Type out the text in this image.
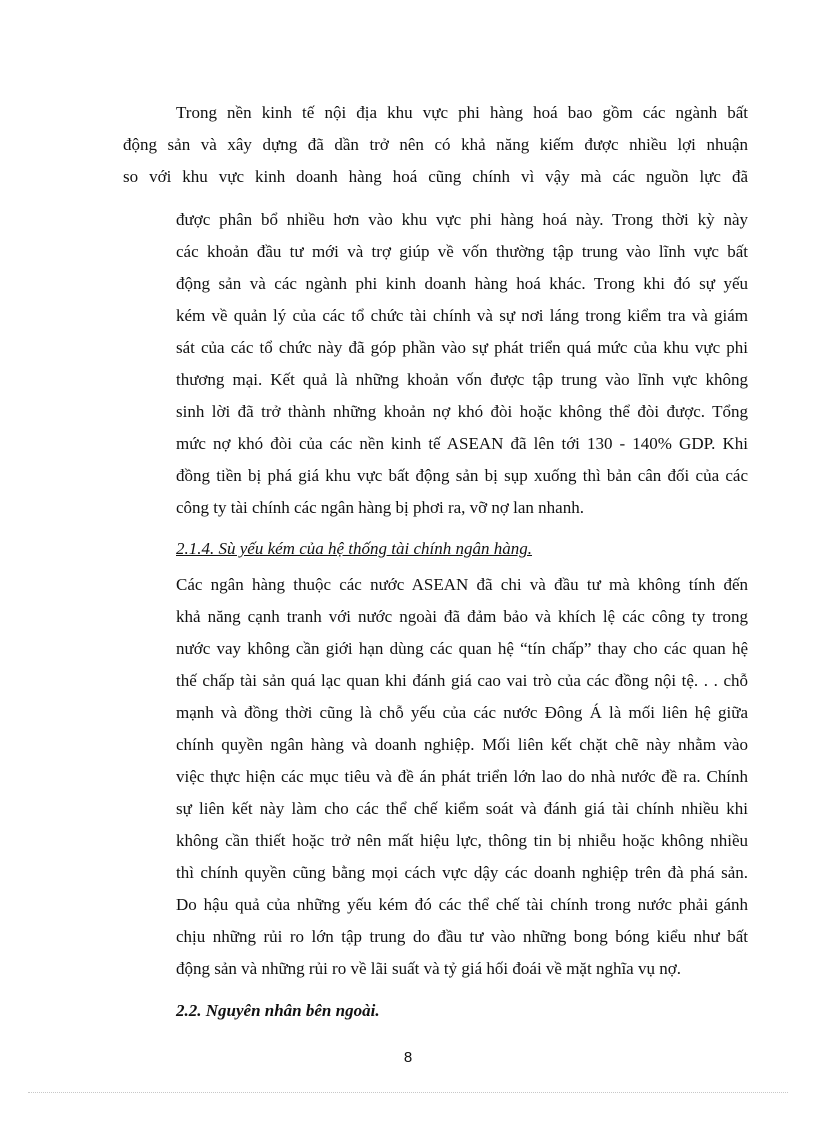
Trong nền kinh tế nội địa khu vực phi hàng hoá bao gồm các ngành bất
động sản và xây dựng đã dần trở nên có khả năng kiếm được nhiều lợi nhuận
so với khu vực kinh doanh hàng hoá cũng chính vì vậy mà các nguồn lực đã
được phân bổ nhiều hơn vào khu vực phi hàng hoá này. Trong thời kỳ này
các khoản đầu tư mới và trợ giúp về vốn thường tập trung vào lĩnh vực bất
động sản và các ngành phi kinh doanh hàng hoá khác. Trong khi đó sự yếu
kém về quản lý của các tổ chức tài chính và sự nơi láng trong kiểm tra và giám
sát của các tổ chức này đã góp phần vào sự phát triển quá mức của khu vực phi
thương mại. Kết quả là những khoản vốn được tập trung vào lĩnh vực không
sinh lời đã trở thành những khoản nợ khó đòi hoặc không thể đòi được. Tổng
mức nợ khó đòi của các nền kinh tế ASEAN đã lên tới 130 - 140% GDP. Khi
đồng tiền bị phá giá khu vực bất động sản bị sụp xuống thì bản cân đối của các
công ty tài chính các ngân hàng bị phơi ra, vỡ nợ lan nhanh.
2.1.4. Sù yếu kém của hệ thống tài chính ngân hàng.
Các ngân hàng thuộc các nước ASEAN đã chi và đầu tư mà không tính đến
khả năng cạnh tranh với nước ngoài đã đảm bảo và khích lệ các công ty trong
nước vay không cần giới hạn dùng các quan hệ “tín chấp” thay cho các quan hệ
thế chấp tài sản quá lạc quan khi đánh giá cao vai trò của các đồng nội tệ. . . chỗ
mạnh và đồng thời cũng là chỗ yếu của các nước Đông Á là mối liên hệ giữa
chính quyền ngân hàng và doanh nghiệp. Mối liên kết chặt chẽ này nhằm vào
việc thực hiện các mục tiêu và đề án phát triển lớn lao do nhà nước đề ra. Chính
sự liên kết này làm cho các thể chế kiểm soát và đánh giá tài chính nhiều khi
không cần thiết hoặc trở nên mất hiệu lực, thông tin bị nhiễu hoặc không nhiều
thì chính quyền cũng bằng mọi cách vực dậy các doanh nghiệp trên đà phá sản.
Do hậu quả của những yếu kém đó các thể chế tài chính trong nước phải gánh
chịu những rủi ro lớn tập trung do đầu tư vào những bong bóng kiểu như bất
động sản và những rủi ro về lãi suất và tỷ giá hối đoái về mặt nghĩa vụ nợ.
2.2. Nguyên nhân bên ngoài.
8
